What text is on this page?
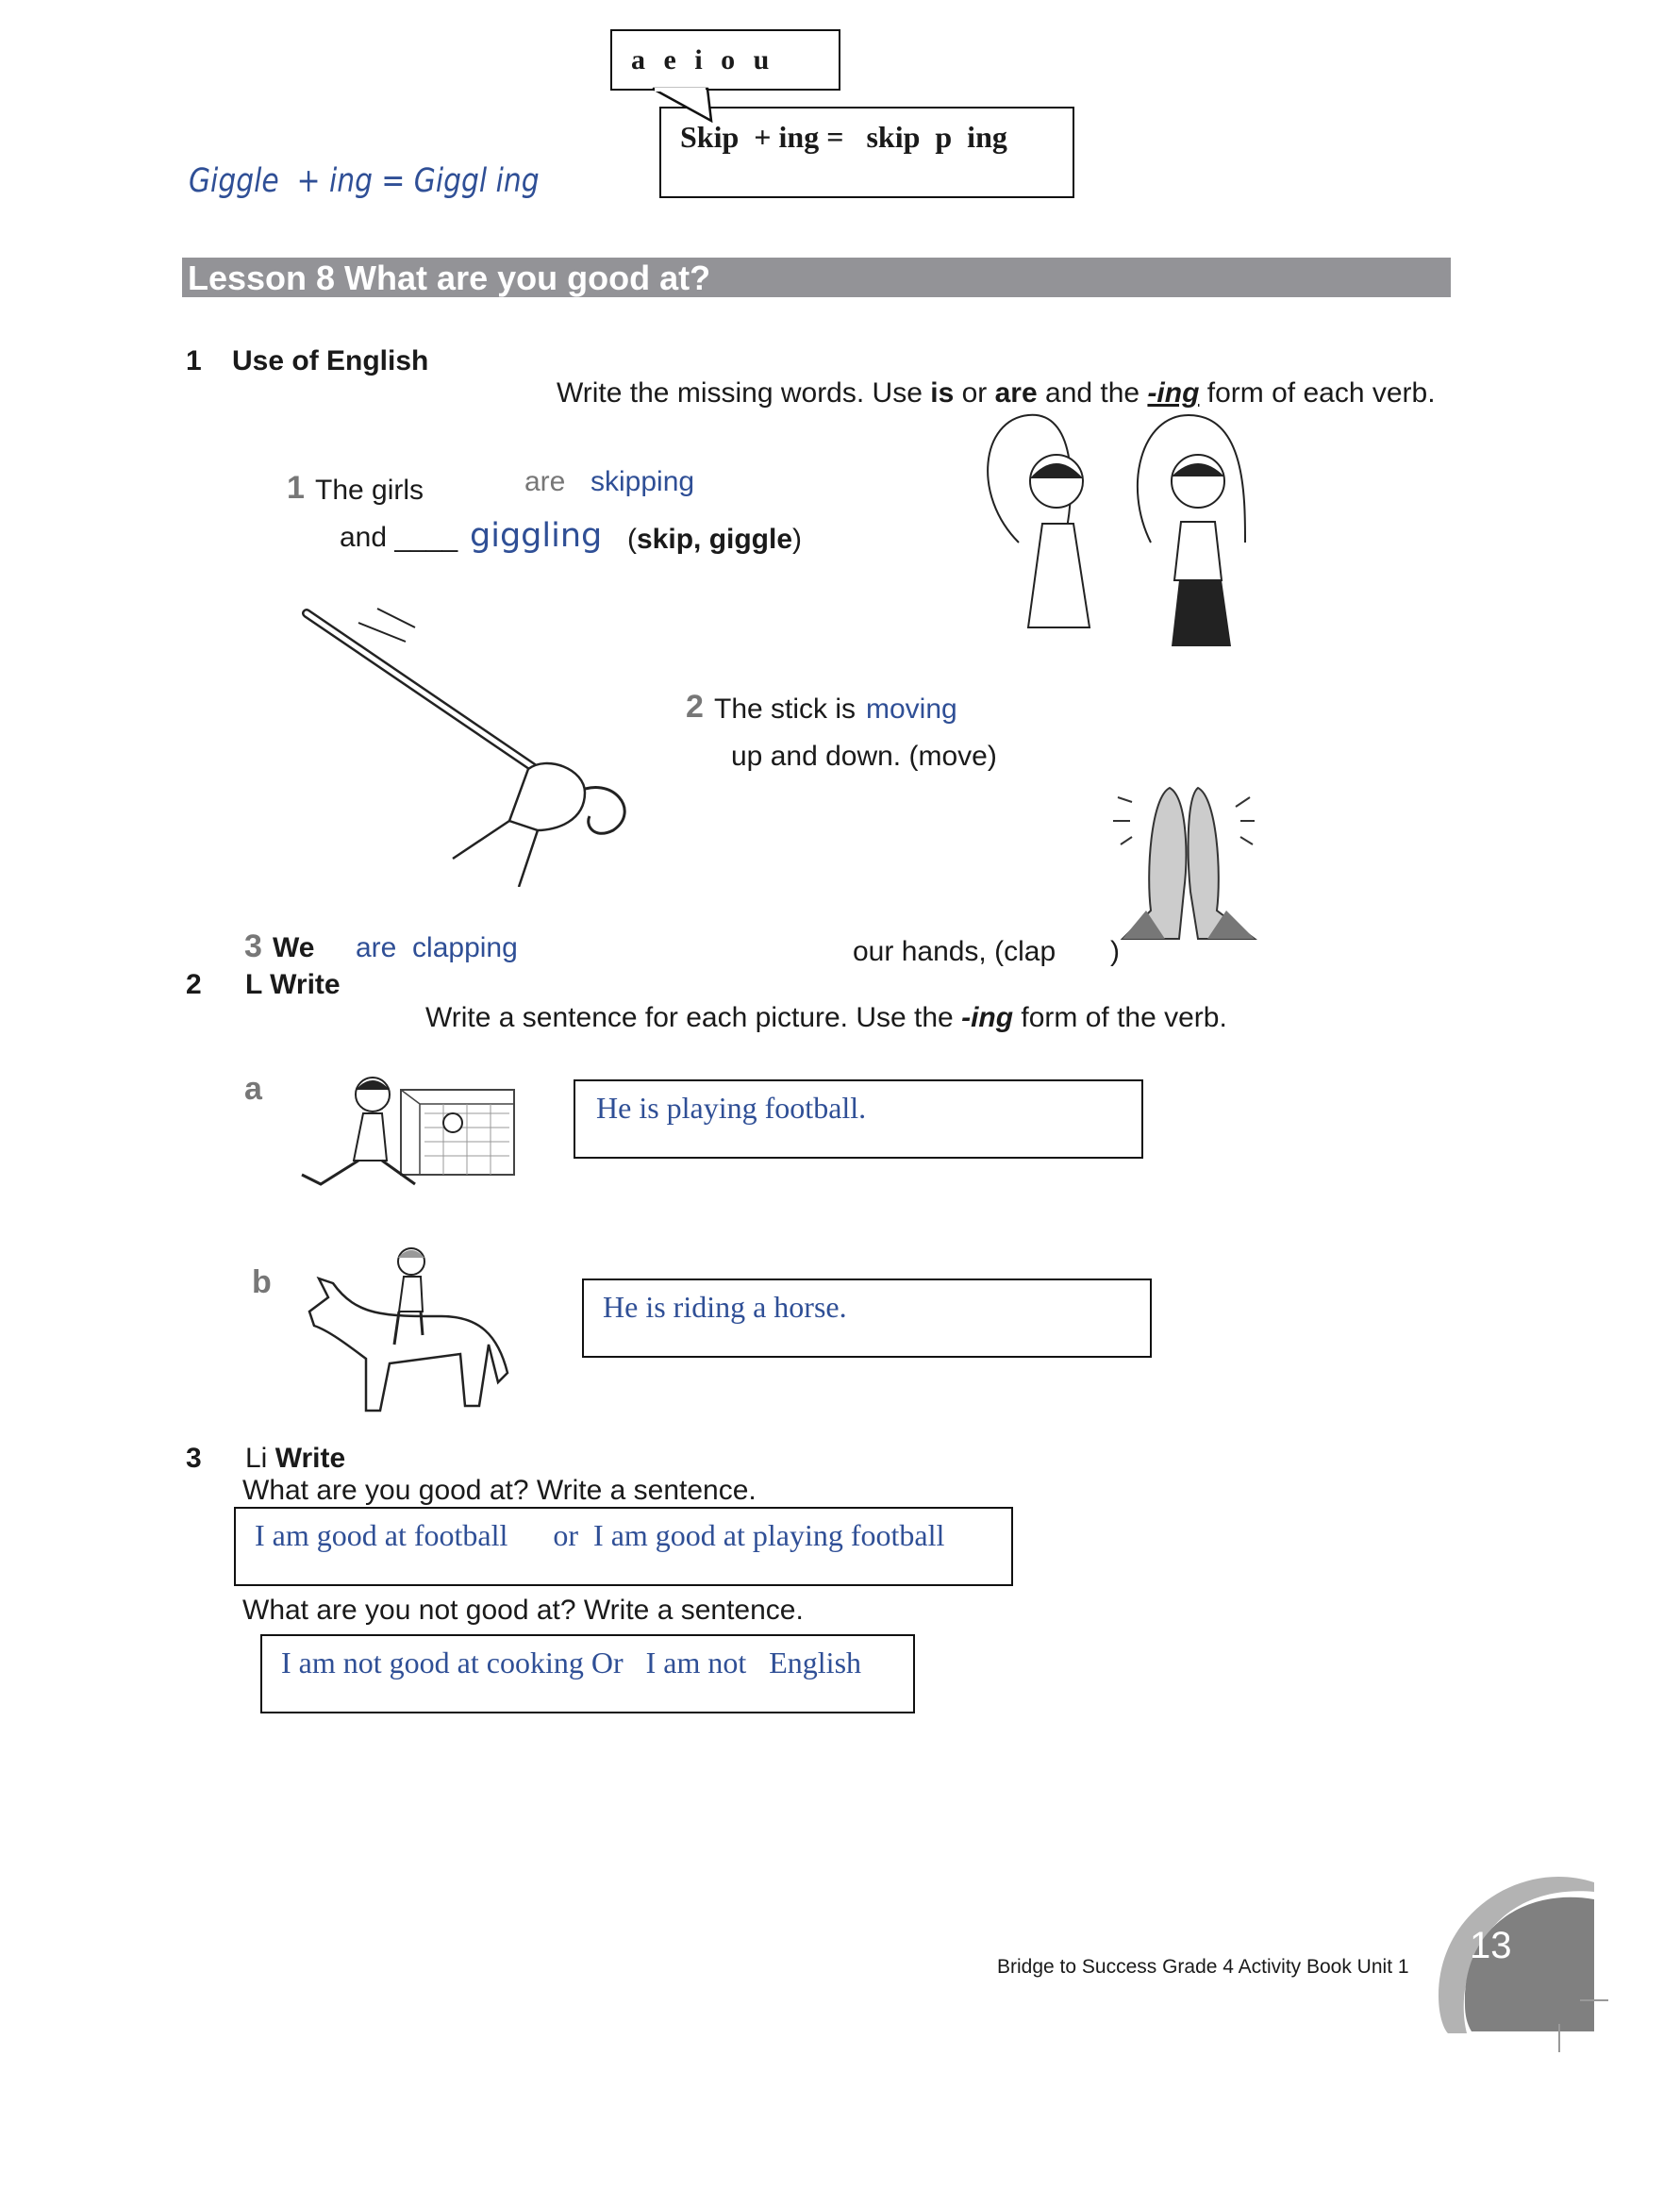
a e i o u
Skip  + ing =   skip  p  ing
Giggle  + ing = Giggl ing
Lesson 8 What are you good at?
1 Use of English
Write the missing words. Use is or are and the -ing form of each verb.
1 The girls	are skipping
and ____ giggling (skip, giggle)
2 The stick is moving
up and down. (move)
3 We are  clapping	our hands, (clap )
2 L Write
Write a sentence for each picture. Use the -ing form of the verb.
a
He is playing football.
b
He is riding a horse.
3 Li Write
What are you good at? Write a sentence.
I am good at football      or  I am good at playing football
What are you not good at? Write a sentence.
I am not good at cooking Or   I am not   English
Bridge to Success Grade 4 Activity Book Unit 1
13
